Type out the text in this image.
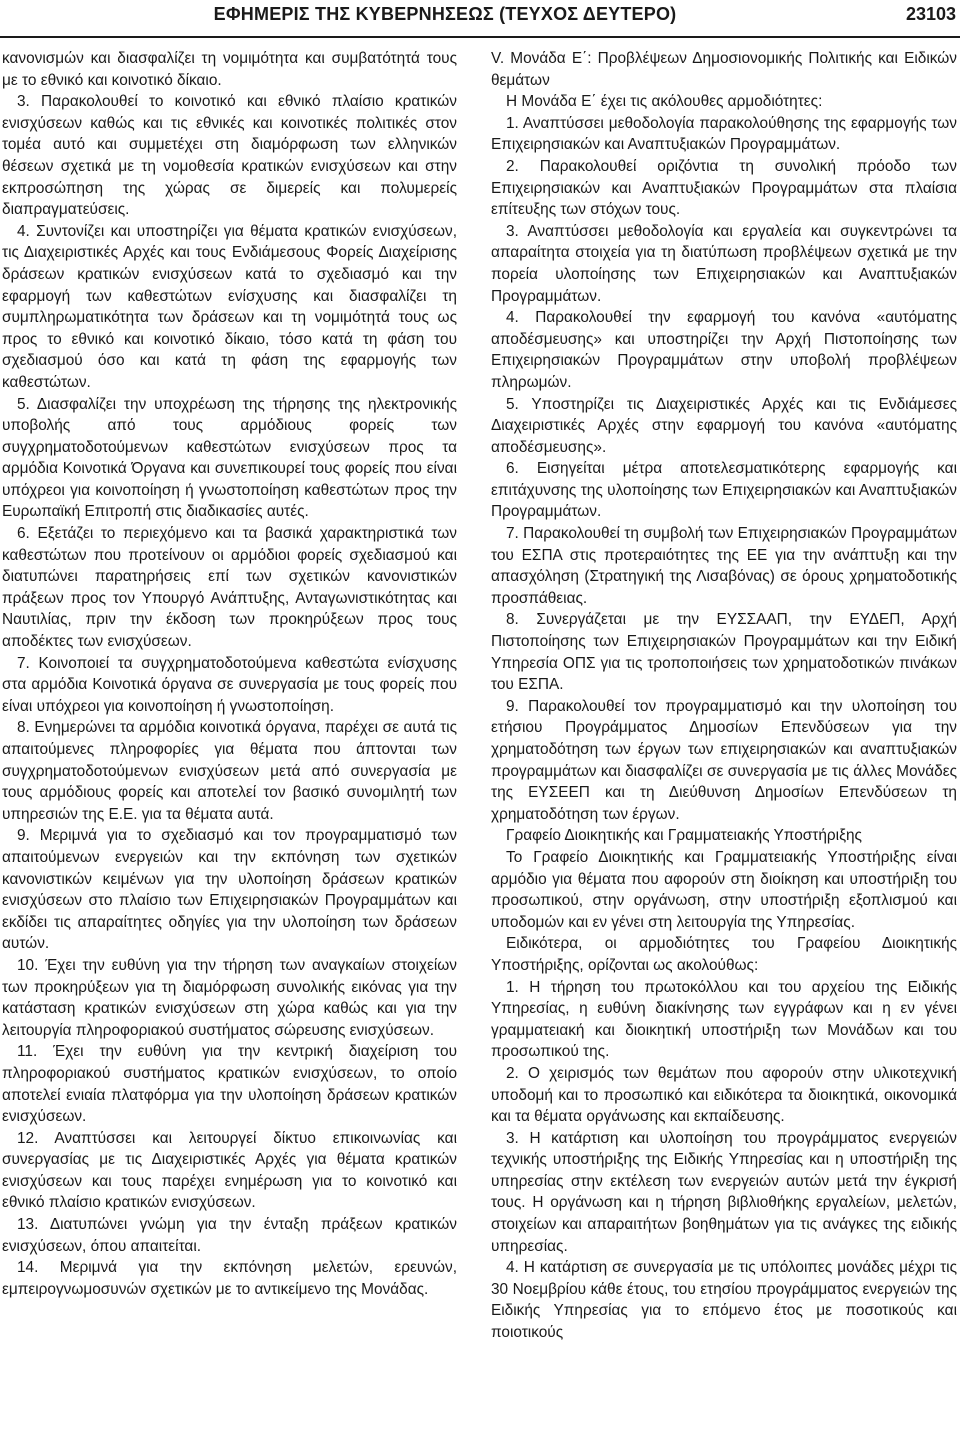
ΕΦΗΜΕΡΙΣ ΤΗΣ ΚΥΒΕΡΝΗΣΕΩΣ (ΤΕΥΧΟΣ ΔΕΥΤΕΡΟ)	23103

κανονισμών και διασφαλίζει τη νομιμότητα και συμβατότητά τους με το εθνικό και κοινοτικό δίκαιο.

3. Παρακολουθεί το κοινοτικό και εθνικό πλαίσιο κρατικών ενισχύσεων καθώς και τις εθνικές και κοινοτικές πολιτικές στον τομέα αυτό και συμμετέχει στη διαμόρφωση των ελληνικών θέσεων σχετικά με τη νομοθεσία κρατικών ενισχύσεων και στην εκπροσώπηση της χώρας σε διμερείς και πολυμερείς διαπραγματεύσεις.

4. Συντονίζει και υποστηρίζει για θέματα κρατικών ενισχύσεων, τις Διαχειριστικές Αρχές και τους Ενδιάμεσους Φορείς Διαχείρισης δράσεων κρατικών ενισχύσεων κατά το σχεδιασμό και την εφαρμογή των καθεστώτων ενίσχυσης και διασφαλίζει τη συμπληρωματικότητα των δράσεων και τη νομιμότητά τους ως προς το εθνικό και κοινοτικό δίκαιο, τόσο κατά τη φάση του σχεδιασμού όσο και κατά τη φάση της εφαρμογής των καθεστώτων.

5. Διασφαλίζει την υποχρέωση της τήρησης της ηλεκτρονικής υποβολής από τους αρμόδιους φορείς των συγχρηματοδοτούμενων καθεστώτων ενισχύσεων προς τα αρμόδια Κοινοτικά Όργανα και συνεπικουρεί τους φορείς που είναι υπόχρεοι για κοινοποίηση ή γνωστοποίηση καθεστώτων προς την Ευρωπαϊκή Επιτροπή στις διαδικασίες αυτές.

6. Εξετάζει το περιεχόμενο και τα βασικά χαρακτηριστικά των καθεστώτων που προτείνουν οι αρμόδιοι φορείς σχεδιασμού και διατυπώνει παρατηρήσεις επί των σχετικών κανονιστικών πράξεων προς τον Υπουργό Ανάπτυξης, Ανταγωνιστικότητας και Ναυτιλίας, πριν την έκδοση των προκηρύξεων προς τους αποδέκτες των ενισχύσεων.

7. Κοινοποιεί τα συγχρηματοδοτούμενα καθεστώτα ενίσχυσης στα αρμόδια Κοινοτικά όργανα σε συνεργασία με τους φορείς που είναι υπόχρεοι για κοινοποίηση ή γνωστοποίηση.

8. Ενημερώνει τα αρμόδια κοινοτικά όργανα, παρέχει σε αυτά τις απαιτούμενες πληροφορίες για θέματα που άπτονται των συγχρηματοδοτούμενων ενισχύσεων μετά από συνεργασία με τους αρμόδιους φορείς και αποτελεί τον βασικό συνομιλητή των υπηρεσιών της Ε.Ε. για τα θέματα αυτά.

9. Μεριμνά για το σχεδιασμό και τον προγραμματισμό των απαιτούμενων ενεργειών και την εκπόνηση των σχετικών κανονιστικών κειμένων για την υλοποίηση δράσεων κρατικών ενισχύσεων στο πλαίσιο των Επιχειρησιακών Προγραμμάτων και εκδίδει τις απαραίτητες οδηγίες για την υλοποίηση των δράσεων αυτών.

10. Έχει την ευθύνη για την τήρηση των αναγκαίων στοιχείων των προκηρύξεων για τη διαμόρφωση συνολικής εικόνας για την κατάσταση κρατικών ενισχύσεων στη χώρα καθώς και για την λειτουργία πληροφοριακού συστήματος σώρευσης ενισχύσεων.

11. Έχει την ευθύνη για την κεντρική διαχείριση του πληροφοριακού συστήματος κρατικών ενισχύσεων, το οποίο αποτελεί ενιαία πλατφόρμα για την υλοποίηση δράσεων κρατικών ενισχύσεων.

12. Αναπτύσσει και λειτουργεί δίκτυο επικοινωνίας και συνεργασίας με τις Διαχειριστικές Αρχές για θέματα κρατικών ενισχύσεων και τους παρέχει ενημέρωση για το κοινοτικό και εθνικό πλαίσιο κρατικών ενισχύσεων.

13. Διατυπώνει γνώμη για την ένταξη πράξεων κρατικών ενισχύσεων, όπου απαιτείται.

14. Μεριμνά για την εκπόνηση μελετών, ερευνών, εμπειρογνωμοσυνών σχετικών με το αντικείμενο της Μονάδας.

V. Μονάδα Ε΄: Προβλέψεων Δημοσιονομικής Πολιτικής και Ειδικών θεμάτων

Η Μονάδα Ε΄ έχει τις ακόλουθες αρμοδιότητες:

1. Αναπτύσσει μεθοδολογία παρακολούθησης της εφαρμογής των Επιχειρησιακών και Αναπτυξιακών Προγραμμάτων.

2. Παρακολουθεί οριζόντια τη συνολική πρόοδο των Επιχειρησιακών και Αναπτυξιακών Προγραμμάτων στα πλαίσια επίτευξης των στόχων τους.

3. Αναπτύσσει μεθοδολογία και εργαλεία και συγκεντρώνει τα απαραίτητα στοιχεία για τη διατύπωση προβλέψεων σχετικά με την πορεία υλοποίησης των Επιχειρησιακών και Αναπτυξιακών Προγραμμάτων.

4. Παρακολουθεί την εφαρμογή του κανόνα «αυτόματης αποδέσμευσης» και υποστηρίζει την Αρχή Πιστοποίησης των Επιχειρησιακών Προγραμμάτων στην υποβολή προβλέψεων πληρωμών.

5. Υποστηρίζει τις Διαχειριστικές Αρχές και τις Ενδιάμεσες Διαχειριστικές Αρχές στην εφαρμογή του κανόνα «αυτόματης αποδέσμευσης».

6. Εισηγείται μέτρα αποτελεσματικότερης εφαρμογής και επιτάχυνσης της υλοποίησης των Επιχειρησιακών και Αναπτυξιακών Προγραμμάτων.

7. Παρακολουθεί τη συμβολή των Επιχειρησιακών Προγραμμάτων του ΕΣΠΑ στις προτεραιότητες της ΕΕ για την ανάπτυξη και την απασχόληση (Στρατηγική της Λισαβόνας) σε όρους χρηματοδοτικής προσπάθειας.

8. Συνεργάζεται με την ΕΥΣΣΑΑΠ, την ΕΥΔΕΠ, Αρχή Πιστοποίησης των Επιχειρησιακών Προγραμμάτων και την Ειδική Υπηρεσία ΟΠΣ για τις τροποποιήσεις των χρηματοδοτικών πινάκων του ΕΣΠΑ.

9. Παρακολουθεί τον προγραμματισμό και την υλοποίηση του ετήσιου Προγράμματος Δημοσίων Επενδύσεων για την χρηματοδότηση των έργων των επιχειρησιακών και αναπτυξιακών προγραμμάτων και διασφαλίζει σε συνεργασία με τις άλλες Μονάδες της ΕΥΣΕΕΠ και τη Διεύθυνση Δημοσίων Επενδύσεων τη χρηματοδότηση των έργων.

Γραφείο Διοικητικής και Γραμματειακής Υποστήριξης

Το Γραφείο Διοικητικής και Γραμματειακής Υποστήριξης είναι αρμόδιο για θέματα που αφορούν στη διοίκηση και υποστήριξη του προσωπικού, στην οργάνωση, στην υποστήριξη εξοπλισμού και υποδομών και εν γένει στη λειτουργία της Υπηρεσίας.

Ειδικότερα, οι αρμοδιότητες του Γραφείου Διοικητικής Υποστήριξης, ορίζονται ως ακολούθως:

1. Η τήρηση του πρωτοκόλλου και του αρχείου της Ειδικής Υπηρεσίας, η ευθύνη διακίνησης των εγγράφων και η εν γένει γραμματειακή και διοικητική υποστήριξη των Μονάδων και του προσωπικού της.

2. Ο χειρισμός των θεμάτων που αφορούν στην υλικοτεχνική υποδομή και το προσωπικό και ειδικότερα τα διοικητικά, οικονομικά και τα θέματα οργάνωσης και εκπαίδευσης.

3. Η κατάρτιση και υλοποίηση του προγράμματος ενεργειών τεχνικής υποστήριξης της Ειδικής Υπηρεσίας και η υποστήριξη της υπηρεσίας στην εκτέλεση των ενεργειών αυτών μετά την έγκρισή τους. Η οργάνωση και η τήρηση βιβλιοθήκης εργαλείων, μελετών, στοιχείων και απαραιτήτων βοηθημάτων για τις ανάγκες της ειδικής υπηρεσίας.

4. Η κατάρτιση σε συνεργασία με τις υπόλοιπες μονάδες μέχρι τις 30 Νοεμβρίου κάθε έτους, του ετησίου προγράμματος ενεργειών της Ειδικής Υπηρεσίας για το επόμενο έτος με ποσοτικούς και ποιοτικούς
